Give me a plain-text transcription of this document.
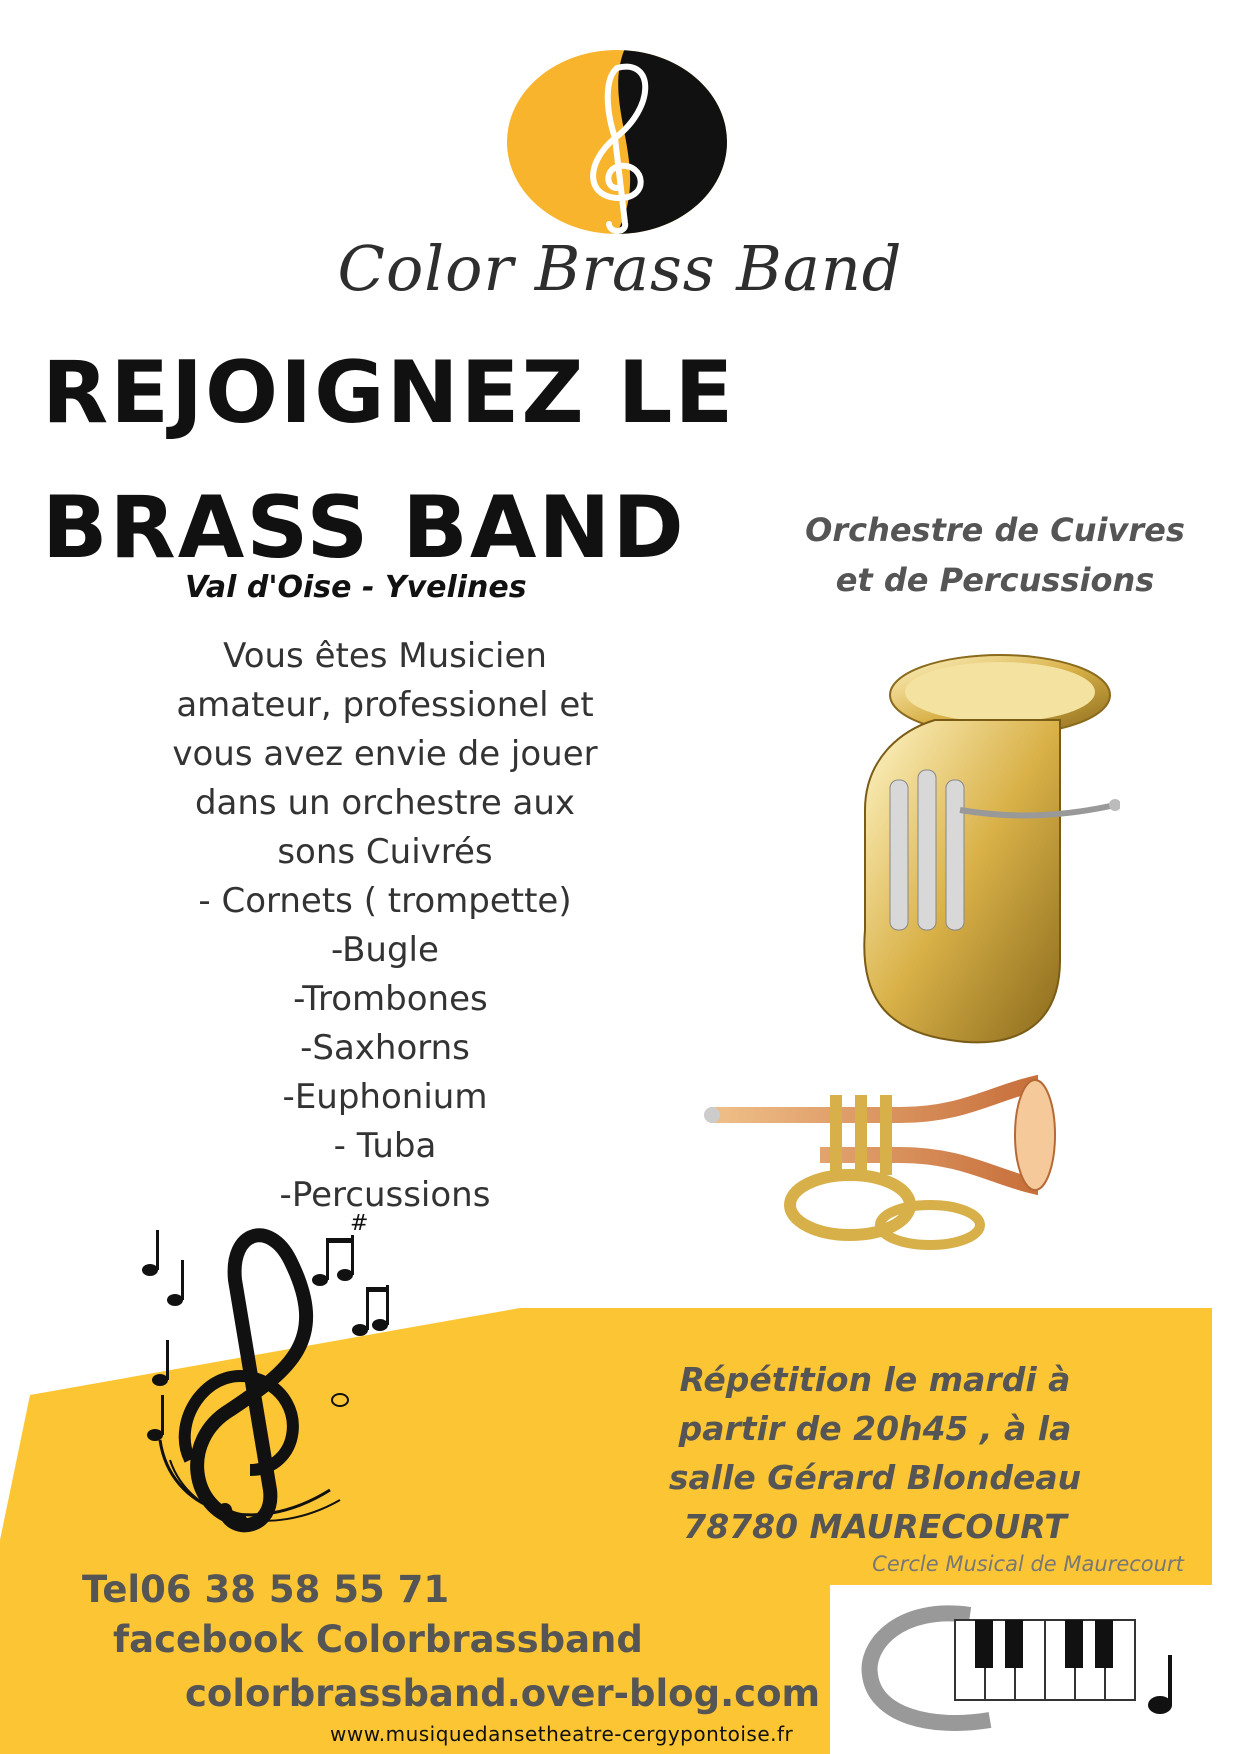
Color Brass Band
REJOIGNEZ LE
BRASS BAND
Val d'Oise - Yvelines
Orchestre de Cuivres
et de Percussions
Vous êtes Musicien
amateur, professionel et
vous avez envie de jouer
dans un orchestre aux
sons Cuivrés
- Cornets ( trompette)
-Bugle
-Trombones
-Saxhorns
-Euphonium
- Tuba
-Percussions
#
Répétition le mardi à
partir de 20h45 , à la
salle Gérard Blondeau
78780 MAURECOURT
Cercle Musical de Maurecourt
Tel06 38 58 55 71
facebook Colorbrassband
colorbrassband.over-blog.com
www.musiquedansetheatre-cergypontoise.fr
